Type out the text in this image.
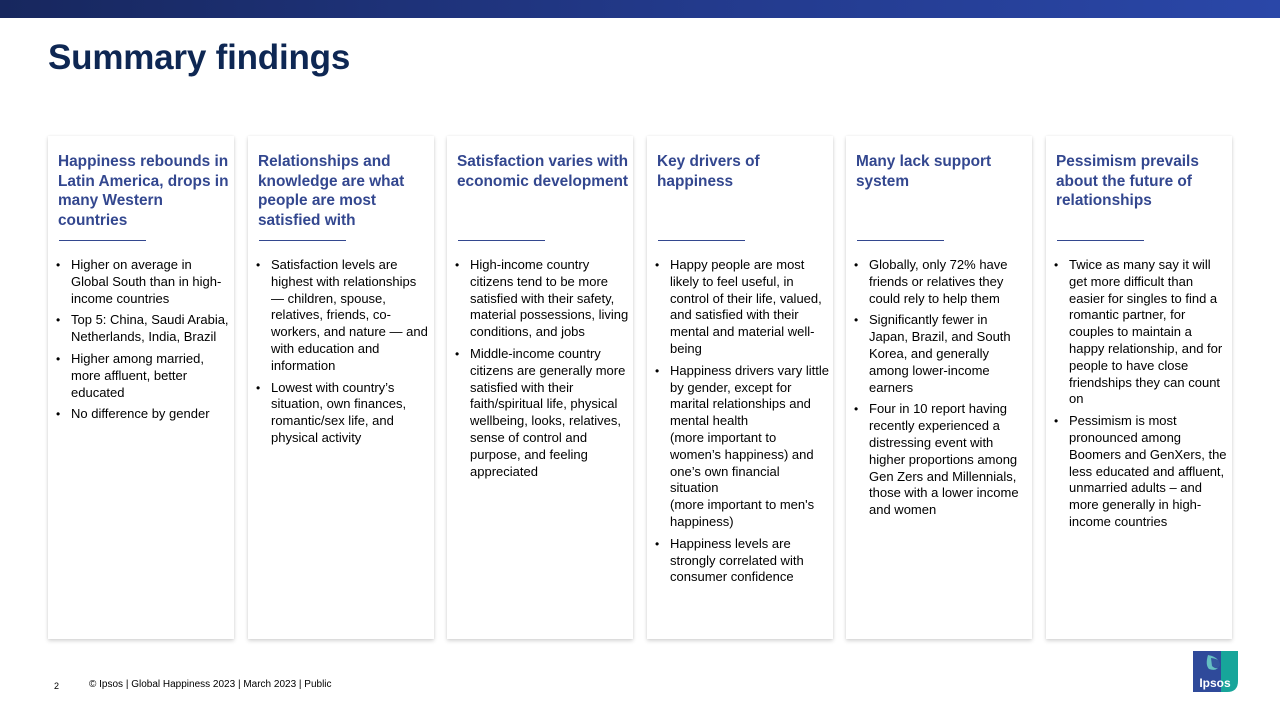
Summary findings
Happiness rebounds in Latin America, drops in many Western countries
• Higher on average in Global South than in high-income countries
• Top 5: China, Saudi Arabia, Netherlands, India, Brazil
• Higher among married, more affluent, better educated
• No difference by gender
Relationships and knowledge are what people are most satisfied with
• Satisfaction levels are highest with relationships — children, spouse, relatives, friends, co-workers, and nature — and with education and information
• Lowest with country’s situation, own finances, romantic/sex life, and physical activity
Satisfaction varies with economic development
• High-income country citizens tend to be more satisfied with their safety, material possessions, living conditions, and jobs
• Middle-income country citizens are generally more satisfied with their faith/spiritual life, physical wellbeing, looks, relatives, sense of control and purpose, and feeling appreciated
Key drivers of happiness
• Happy people are most likely to feel useful, in control of their life, valued, and satisfied with their mental and material well-being
• Happiness drivers vary little by gender, except for marital relationships and mental health
(more important to women’s happiness) and one’s own financial situation
(more important to men's happiness)
• Happiness levels are strongly correlated with consumer confidence
Many lack support system
• Globally, only 72% have friends or relatives they could rely to help them
• Significantly fewer in Japan, Brazil, and South Korea, and generally among lower-income earners
• Four in 10 report having recently experienced a distressing event with higher proportions among Gen Zers and Millennials, those with a lower income and women
Pessimism prevails about the future of relationships
• Twice as many say it will get more difficult than easier for singles to find a romantic partner, for couples to maintain a happy relationship, and for people to have close friendships they can count on
• Pessimism is most pronounced among Boomers and GenXers, the less educated and affluent, unmarried adults – and more generally in high-income countries
2	© Ipsos | Global Happiness 2023 | March 2023 | Public	Ipsos
